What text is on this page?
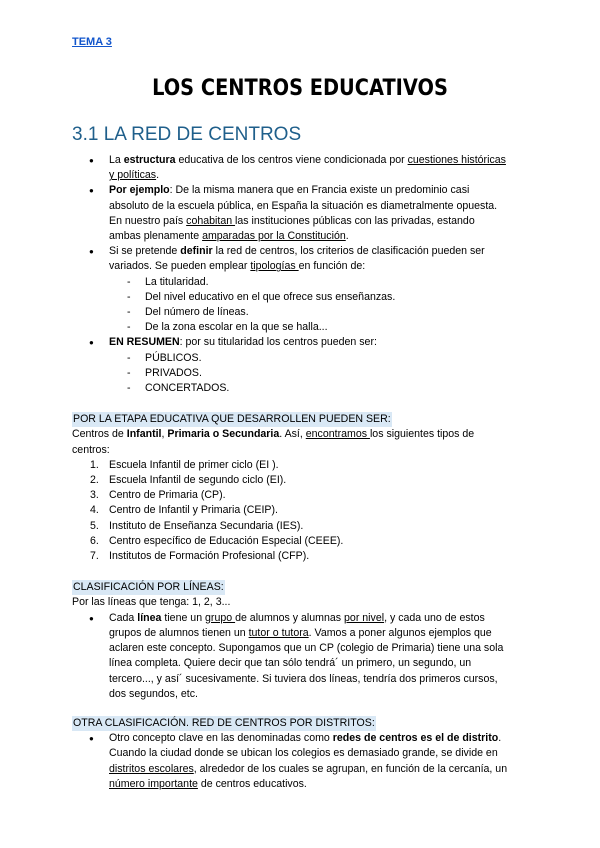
TEMA 3
LOS CENTROS EDUCATIVOS
3.1 LA RED DE CENTROS
● La estructura educativa de los centros viene condicionada por cuestiones históricas
y políticas.
● Por ejemplo: De la misma manera que en Francia existe un predominio casi
absoluto de la escuela pública, en España la situación es diametralmente opuesta.
En nuestro país cohabitan las instituciones públicas con las privadas, estando
ambas plenamente amparadas por la Constitución.
● Si se pretende definir la red de centros, los criterios de clasificación pueden ser
variados. Se pueden emplear tipologías en función de:
- La titularidad.
- Del nivel educativo en el que ofrece sus enseñanzas.
- Del número de líneas.
- De la zona escolar en la que se halla...
● EN RESUMEN: por su titularidad los centros pueden ser:
- PÚBLICOS.
- PRIVADOS.
- CONCERTADOS.
POR LA ETAPA EDUCATIVA QUE DESARROLLEN PUEDEN SER:
Centros de Infantil, Primaria o Secundaria. Así, encontramos los siguientes tipos de
centros:
1. Escuela Infantil de primer ciclo (EI ).
2. Escuela Infantil de segundo ciclo (EI).
3. Centro de Primaria (CP).
4. Centro de Infantil y Primaria (CEIP).
5. Instituto de Enseñanza Secundaria (IES).
6. Centro específico de Educación Especial (CEEE).
7. Institutos de Formación Profesional (CFP).
CLASIFICACIÓN POR LÍNEAS:
Por las líneas que tenga: 1, 2, 3...
● Cada línea tiene un grupo de alumnos y alumnas por nivel, y cada uno de estos
grupos de alumnos tienen un tutor o tutora. Vamos a poner algunos ejemplos que
aclaren este concepto. Supongamos que un CP (colegio de Primaria) tiene una sola
línea completa. Quiere decir que tan sólo tendrá´ un primero, un segundo, un
tercero..., y así´ sucesivamente. Si tuviera dos líneas, tendría dos primeros cursos,
dos segundos, etc.
OTRA CLASIFICACIÓN. RED DE CENTROS POR DISTRITOS:
● Otro concepto clave en las denominadas como redes de centros es el de distrito.
Cuando la ciudad donde se ubican los colegios es demasiado grande, se divide en
distritos escolares, alrededor de los cuales se agrupan, en función de la cercanía, un
número importante de centros educativos.
